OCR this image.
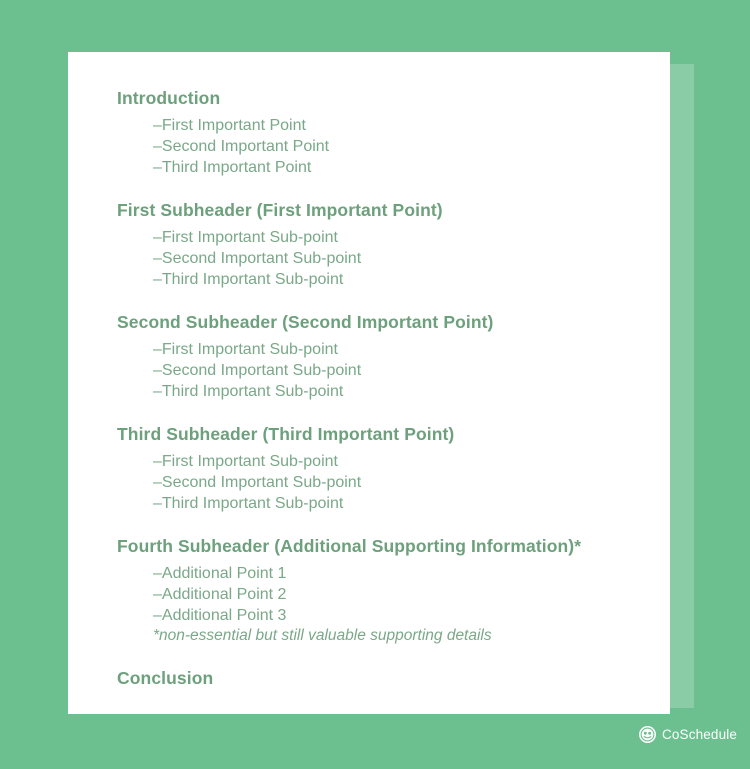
Introduction
–First Important Point
–Second Important Point
–Third Important Point
First Subheader (First Important Point)
–First Important Sub-point
–Second Important Sub-point
–Third Important Sub-point
Second Subheader (Second Important Point)
–First Important Sub-point
–Second Important Sub-point
–Third Important Sub-point
Third Subheader (Third Important Point)
–First Important Sub-point
–Second Important Sub-point
–Third Important Sub-point
Fourth Subheader (Additional Supporting Information)*
–Additional Point 1
–Additional Point 2
–Additional Point 3
*non-essential but still valuable supporting details
Conclusion
CoSchedule
